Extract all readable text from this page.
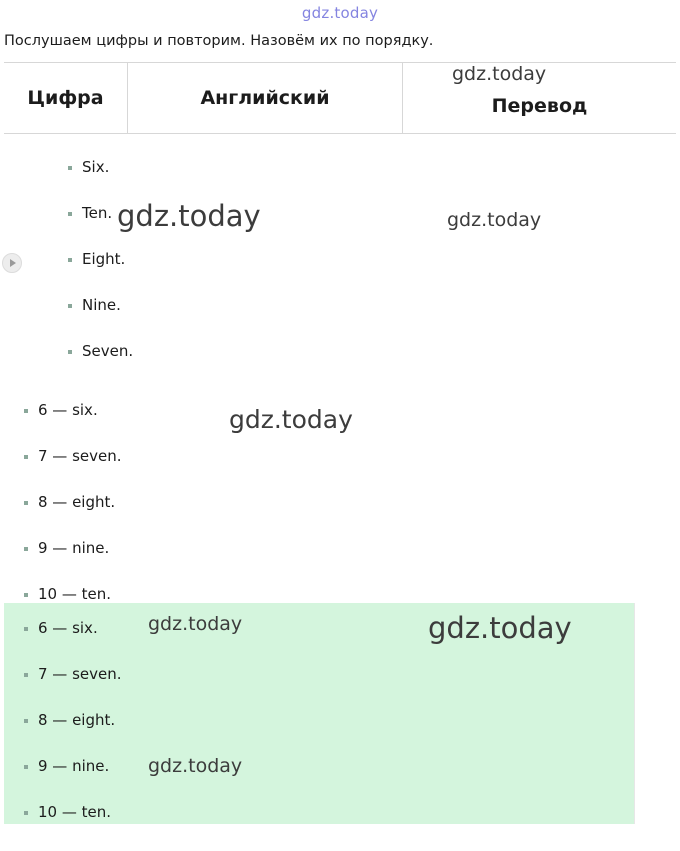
gdz.today
Послушаем цифры и повторим. Назовём их по порядку.
Цифра	Английский	Перевод
gdz.today
Six.
Ten.
Eight.
Nine.
Seven.
gdz.today	gdz.today
6 — six.
7 — seven.
8 — eight.
9 — nine.
10 — ten.
gdz.today
6 — six.
7 — seven.
8 — eight.
9 — nine.
10 — ten.
gdz.today	gdz.today
gdz.today
